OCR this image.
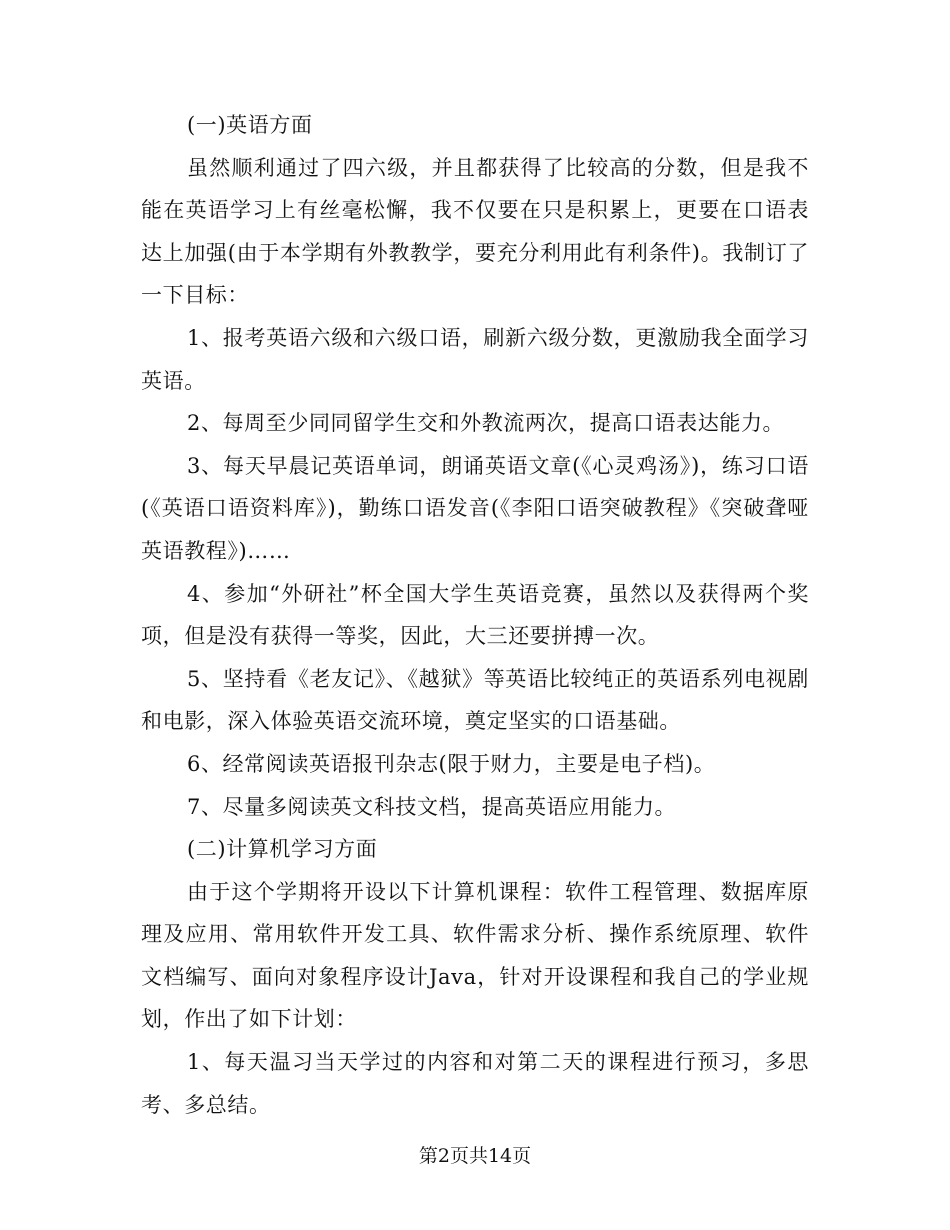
(一)英语方面

虽然顺利通过了四六级，并且都获得了比较高的分数，但是我不能在英语学习上有丝毫松懈，我不仅要在只是积累上，更要在口语表达上加强(由于本学期有外教教学，要充分利用此有利条件)。我制订了一下目标：

1、报考英语六级和六级口语，刷新六级分数，更激励我全面学习英语。

2、每周至少同同留学生交和外教流两次，提高口语表达能力。

3、每天早晨记英语单词，朗诵英语文章(《心灵鸡汤》)，练习口语(《英语口语资料库》)，勤练口语发音(《李阳口语突破教程》《突破聋哑英语教程》)……

4、参加“外研社”杯全国大学生英语竞赛，虽然以及获得两个奖项，但是没有获得一等奖，因此，大三还要拼搏一次。

5、坚持看《老友记》、《越狱》等英语比较纯正的英语系列电视剧和电影，深入体验英语交流环境，奠定坚实的口语基础。

6、经常阅读英语报刊杂志(限于财力，主要是电子档)。

7、尽量多阅读英文科技文档，提高英语应用能力。

(二)计算机学习方面

由于这个学期将开设以下计算机课程：软件工程管理、数据库原理及应用、常用软件开发工具、软件需求分析、操作系统原理、软件文档编写、面向对象程序设计Java，针对开设课程和我自己的学业规划，作出了如下计划：

1、每天温习当天学过的内容和对第二天的课程进行预习，多思考、多总结。

第2页共14页
